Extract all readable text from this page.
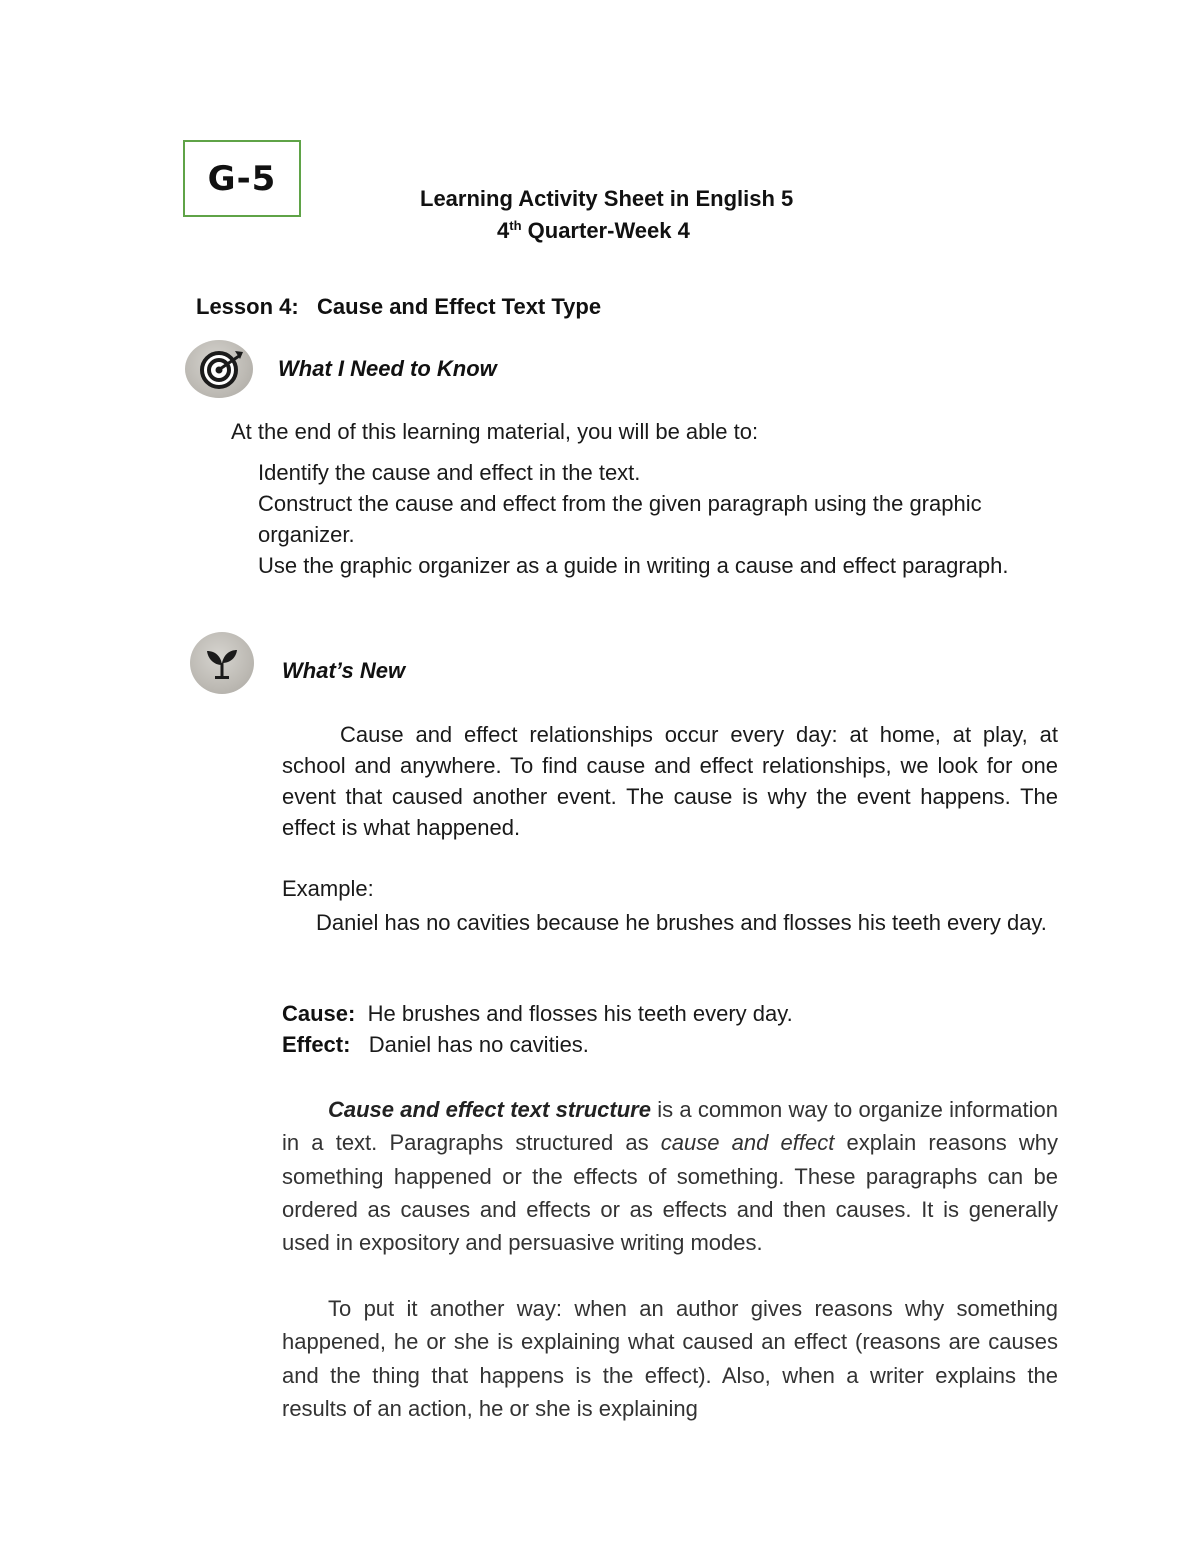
G-5	Learning Activity Sheet in English 5
4th Quarter-Week 4
Lesson 4: Cause and Effect Text Type
What I Need to Know
At the end of this learning material, you will be able to:
Identify the cause and effect in the text.
Construct the cause and effect from the given paragraph using the graphic organizer.
Use the graphic organizer as a guide in writing a cause and effect paragraph.
What’s New
Cause and effect relationships occur every day: at home, at play, at school and anywhere. To find cause and effect relationships, we look for one event that caused another event. The cause is why the event happens. The effect is what happened.
Example:
Daniel has no cavities because he brushes and flosses his teeth every day.
Cause: He brushes and flosses his teeth every day.
Effect: Daniel has no cavities.
Cause and effect text structure is a common way to organize information in a text. Paragraphs structured as cause and effect explain reasons why something happened or the effects of something. These paragraphs can be ordered as causes and effects or as effects and then causes. It is generally used in expository and persuasive writing modes.
To put it another way: when an author gives reasons why something happened, he or she is explaining what caused an effect (reasons are causes and the thing that happens is the effect). Also, when a writer explains the results of an action, he or she is explaining
